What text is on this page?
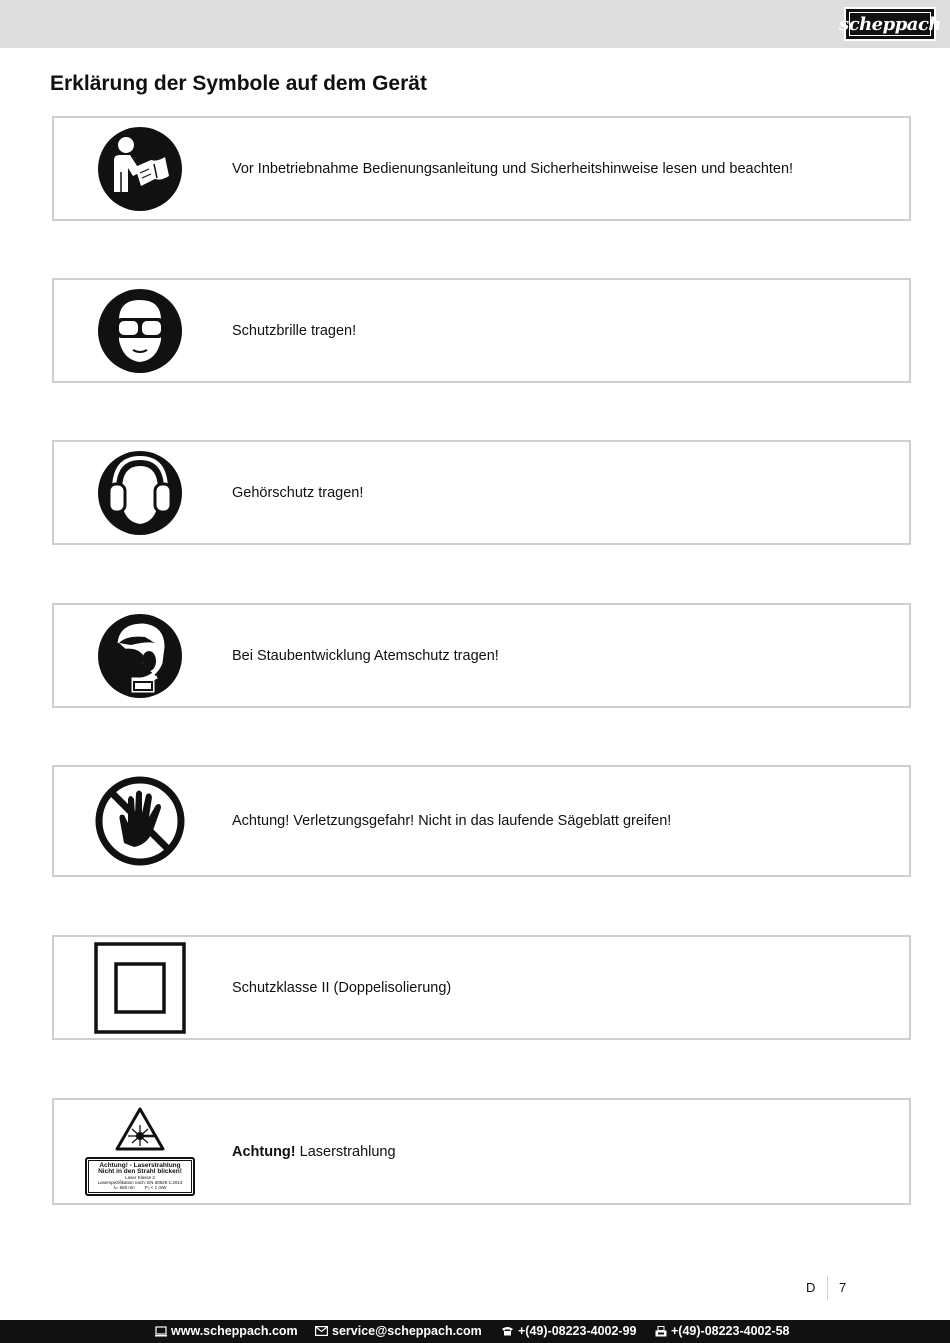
scheppach
Erklärung der Symbole auf dem Gerät
Vor Inbetriebnahme Bedienungsanleitung und Sicherheitshinweise lesen und beachten!
Schutzbrille tragen!
Gehörschutz tragen!
Bei Staubentwicklung Atemschutz tragen!
Achtung! Verletzungsgefahr! Nicht in das laufende Sägeblatt greifen!
Schutzklasse II (Doppelisolierung)
Achtung! - Laserstrahlung
Nicht in den Strahl blicken!
Laser Klasse 2
Laserspezifikation nach: EN 60825-1:2014
λ= 650 nm P₀ < 1 mW
Achtung! Laserstrahlung
D 7
www.scheppach.com	service@scheppach.com	+(49)-08223-4002-99	+(49)-08223-4002-58
